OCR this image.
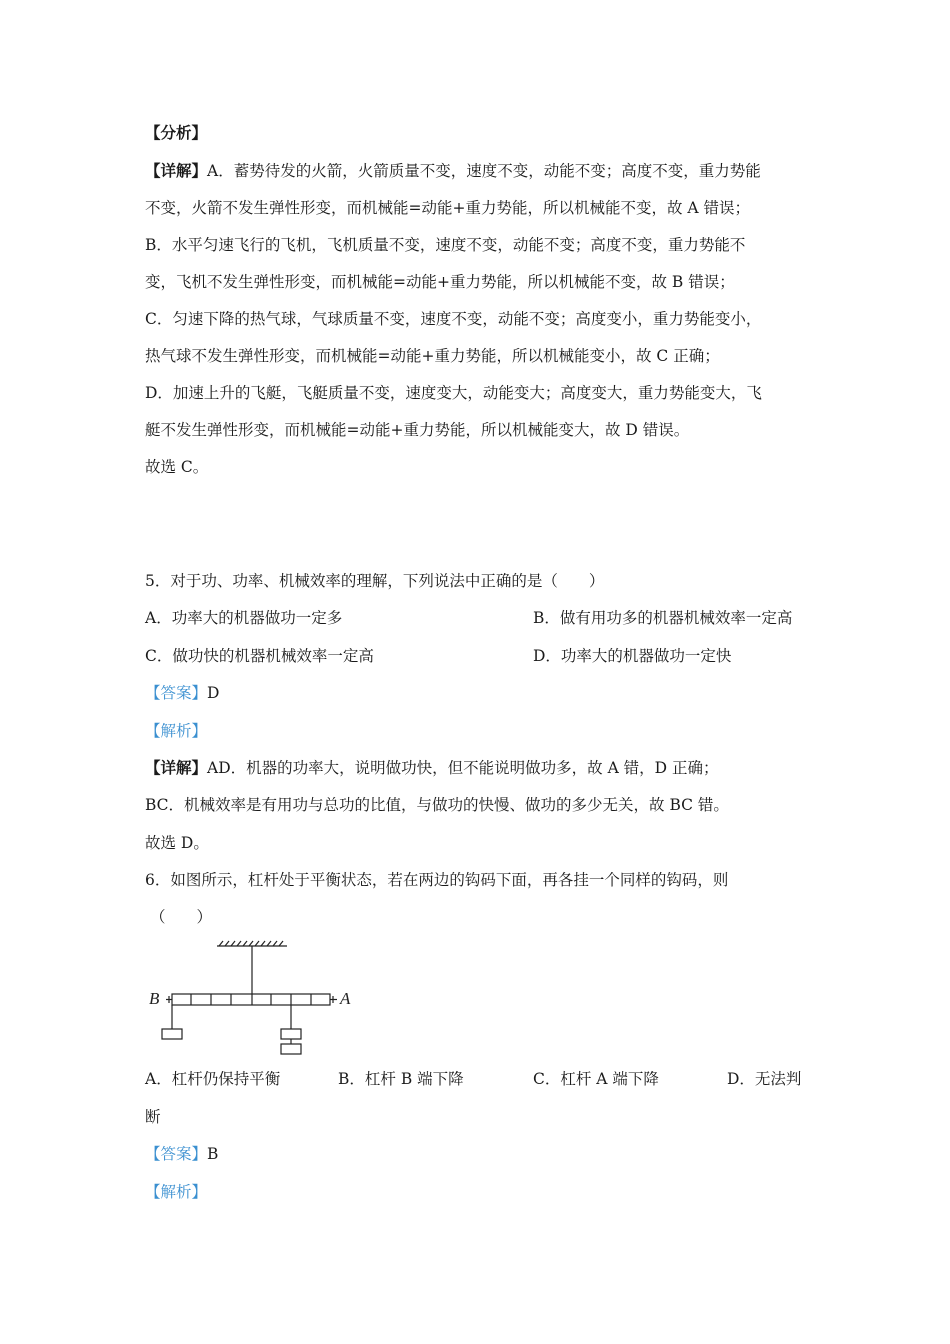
【分析】
【详解】A．蓄势待发的火箭，火箭质量不变，速度不变，动能不变；高度不变，重力势能
不变，火箭不发生弹性形变，而机械能=动能+重力势能，所以机械能不变，故 A 错误；
B．水平匀速飞行的飞机，飞机质量不变，速度不变，动能不变；高度不变，重力势能不
变，飞机不发生弹性形变，而机械能=动能+重力势能，所以机械能不变，故 B 错误；
C．匀速下降的热气球，气球质量不变，速度不变，动能不变；高度变小，重力势能变小，
热气球不发生弹性形变，而机械能=动能+重力势能，所以机械能变小，故 C 正确；
D．加速上升的飞艇，飞艇质量不变，速度变大，动能变大；高度变大，重力势能变大，飞
艇不发生弹性形变，而机械能=动能+重力势能，所以机械能变大，故 D 错误。
故选 C。
5．对于功、功率、机械效率的理解，下列说法中正确的是（　　）
A．功率大的机器做功一定多	B．做有用功多的机器机械效率一定高
C．做功快的机器机械效率一定高	D．功率大的机器做功一定快
【答案】D
【解析】
【详解】AD．机器的功率大，说明做功快，但不能说明做功多，故 A 错，D 正确；
BC．机械效率是有用功与总功的比值，与做功的快慢、做功的多少无关，故 BC 错。
故选 D。
6．如图所示，杠杆处于平衡状态，若在两边的钩码下面，再各挂一个同样的钩码，则
（　　）
B	A
A．杠杆仍保持平衡	B．杠杆 B 端下降	C．杠杆 A 端下降	D．无法判
断
【答案】B
【解析】
